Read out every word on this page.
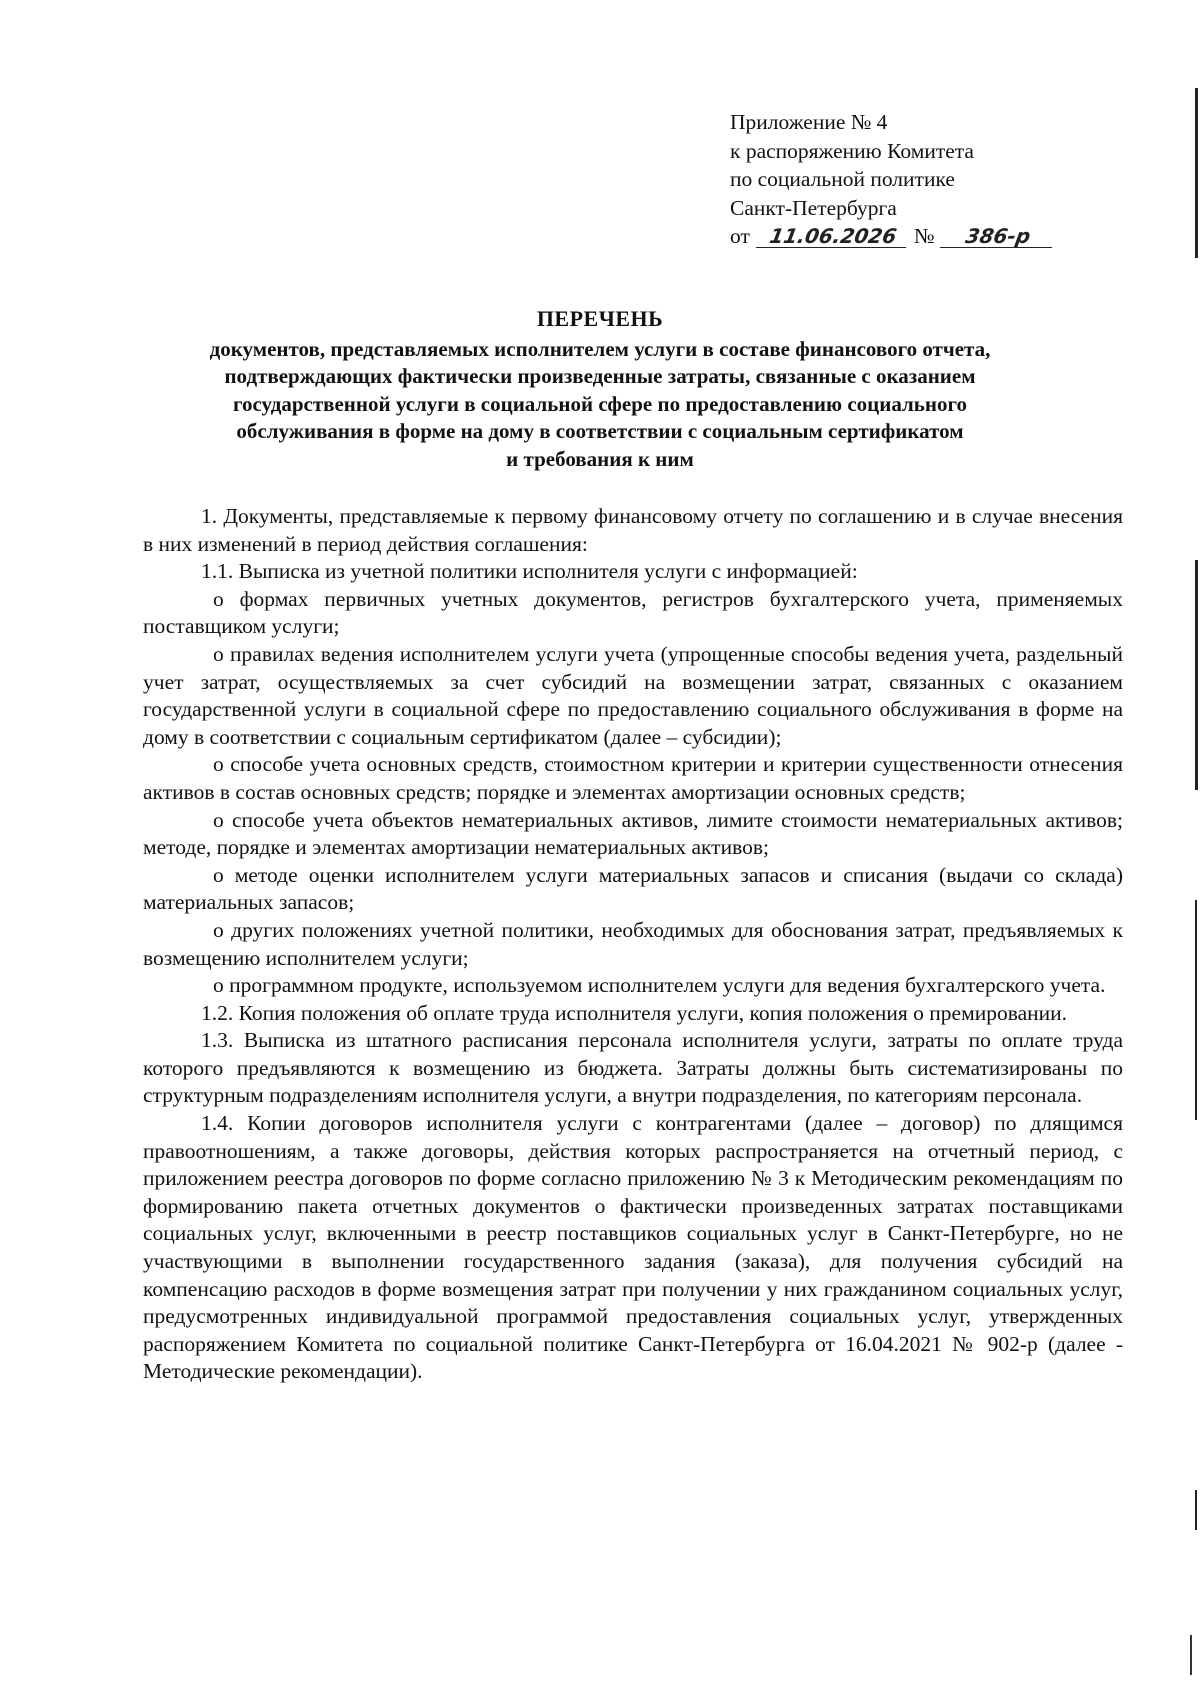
Приложение № 4
к распоряжению Комитета
по социальной политике
Санкт-Петербурга
от 11.06.2026 №	386-р
ПЕРЕЧЕНЬ
документов, представляемых исполнителем услуги в составе финансового отчета,
подтверждающих фактически произведенные затраты, связанные с оказанием
государственной услуги в социальной сфере по предоставлению социального
обслуживания в форме на дому в соответствии с социальным сертификатом
и требования к ним

1. Документы, представляемые к первому финансовому отчету по соглашению и в случае внесения в них изменений в период действия соглашения:

1.1. Выписка из учетной политики исполнителя услуги с информацией:

о формах первичных учетных документов, регистров бухгалтерского учета, применяемых поставщиком услуги;

о правилах ведения исполнителем услуги учета (упрощенные способы ведения учета, раздельный учет затрат, осуществляемых за счет субсидий на возмещении затрат, связанных с оказанием государственной услуги в социальной сфере по предоставлению социального обслуживания в форме на дому в соответствии с социальным сертификатом (далее – субсидии);

о способе учета основных средств, стоимостном критерии и критерии существенности отнесения активов в состав основных средств; порядке и элементах амортизации основных средств;

о способе учета объектов нематериальных активов, лимите стоимости нематериальных активов; методе, порядке и элементах амортизации нематериальных активов;

о методе оценки исполнителем услуги материальных запасов и списания (выдачи со склада) материальных запасов;

о других положениях учетной политики, необходимых для обоснования затрат, предъявляемых к возмещению исполнителем услуги;

о программном продукте, используемом исполнителем услуги для ведения бухгалтерского учета.

1.2. Копия положения об оплате труда исполнителя услуги, копия положения о премировании.

1.3. Выписка из штатного расписания персонала исполнителя услуги, затраты по оплате труда которого предъявляются к возмещению из бюджета. Затраты должны быть систематизированы по структурным подразделениям исполнителя услуги, а внутри подразделения, по категориям персонала.

1.4. Копии договоров исполнителя услуги с контрагентами (далее – договор) по длящимся правоотношениям, а также договоры, действия которых распространяется на отчетный период, с приложением реестра договоров по форме согласно приложению № 3 к Методическим рекомендациям по формированию пакета отчетных документов о фактически произведенных затратах поставщиками социальных услуг, включенными в реестр поставщиков социальных услуг в Санкт-Петербурге, но не участвующими в выполнении государственного задания (заказа), для получения субсидий на компенсацию расходов в форме возмещения затрат при получении у них гражданином социальных услуг, предусмотренных индивидуальной программой предоставления социальных услуг, утвержденных распоряжением Комитета по социальной политике Санкт-Петербурга от 16.04.2021 № 902-р (далее - Методические рекомендации).
